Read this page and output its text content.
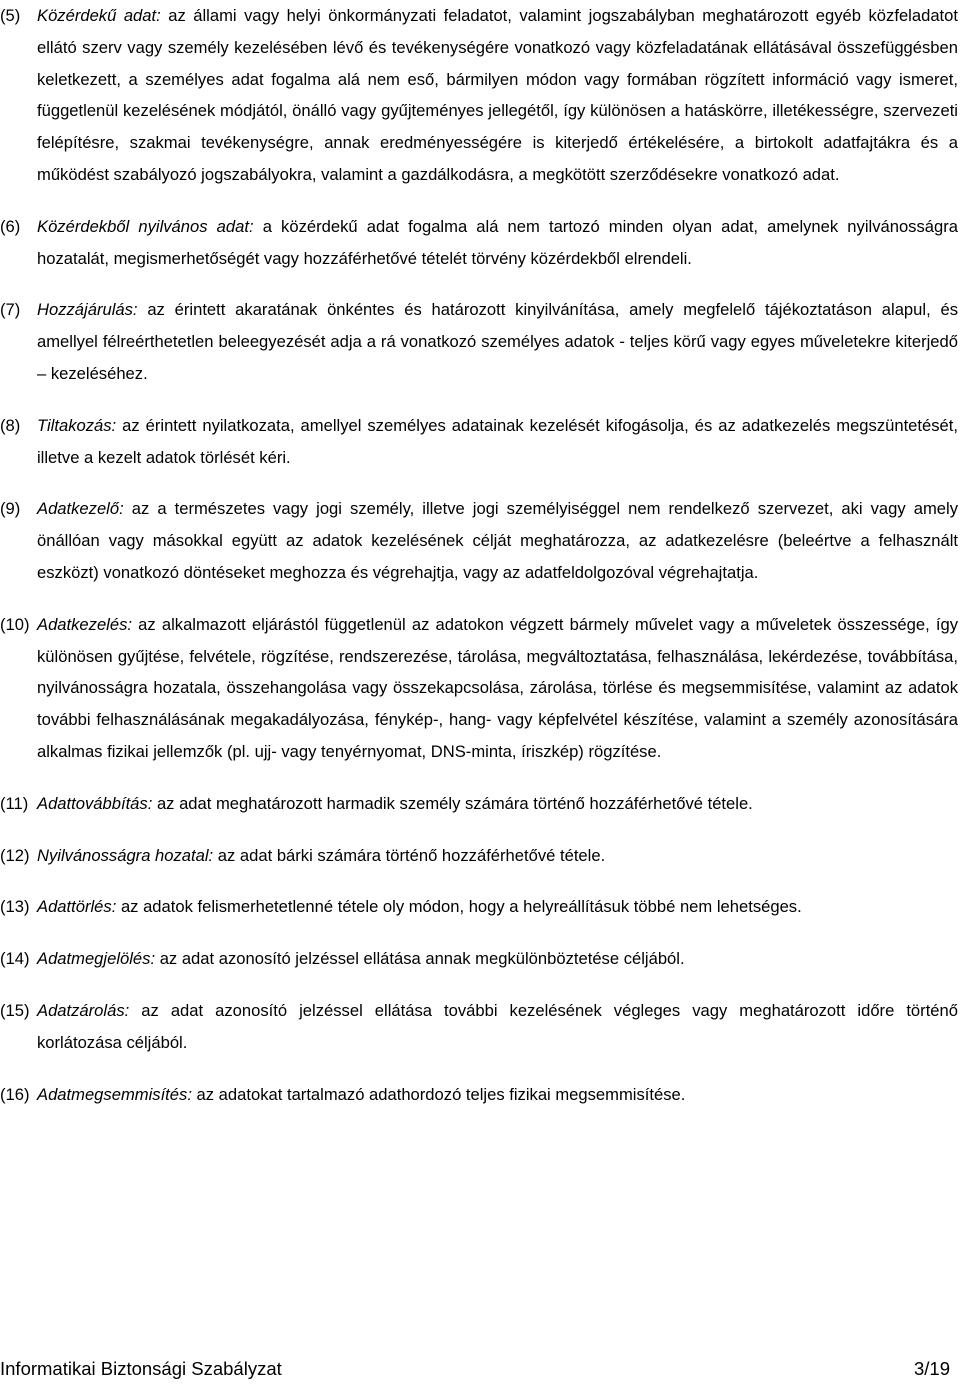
(5) Közérdekű adat: az állami vagy helyi önkormányzati feladatot, valamint jogszabályban meghatározott egyéb közfeladatot ellátó szerv vagy személy kezelésében lévő és tevékenységére vonatkozó vagy közfeladatának ellátásával összefüggésben keletkezett, a személyes adat fogalma alá nem eső, bármilyen módon vagy formában rögzített információ vagy ismeret, függetlenül kezelésének módjától, önálló vagy gyűjteményes jellegétől, így különösen a hatáskörre, illetékességre, szervezeti felépítésre, szakmai tevékenységre, annak eredményességére is kiterjedő értékelésére, a birtokolt adatfajtákra és a működést szabályozó jogszabályokra, valamint a gazdálkodásra, a megkötött szerződésekre vonatkozó adat.

(6) Közérdekből nyilvános adat: a közérdekű adat fogalma alá nem tartozó minden olyan adat, amelynek nyilvánosságra hozatalát, megismerhetőségét vagy hozzáférhetővé tételét törvény közérdekből elrendeli.

(7) Hozzájárulás: az érintett akaratának önkéntes és határozott kinyilvánítása, amely megfelelő tájékoztatáson alapul, és amellyel félreérthetetlen beleegyezését adja a rá vonatkozó személyes adatok - teljes körű vagy egyes műveletekre kiterjedő – kezeléséhez.

(8) Tiltakozás: az érintett nyilatkozata, amellyel személyes adatainak kezelését kifogásolja, és az adatkezelés megszüntetését, illetve a kezelt adatok törlését kéri.

(9) Adatkezelő: az a természetes vagy jogi személy, illetve jogi személyiséggel nem rendelkező szervezet, aki vagy amely önállóan vagy másokkal együtt az adatok kezelésének célját meghatározza, az adatkezelésre (beleértve a felhasznált eszközt) vonatkozó döntéseket meghozza és végrehajtja, vagy az adatfeldolgozóval végrehajtatja.

(10) Adatkezelés: az alkalmazott eljárástól függetlenül az adatokon végzett bármely művelet vagy a műveletek összessége, így különösen gyűjtése, felvétele, rögzítése, rendszerezése, tárolása, megváltoztatása, felhasználása, lekérdezése, továbbítása, nyilvánosságra hozatala, összehangolása vagy összekapcsolása, zárolása, törlése és megsemmisítése, valamint az adatok további felhasználásának megakadályozása, fénykép-, hang- vagy képfelvétel készítése, valamint a személy azonosítására alkalmas fizikai jellemzők (pl. ujj- vagy tenyérnyomat, DNS-minta, íriszkép) rögzítése.

(11) Adattovábbítás: az adat meghatározott harmadik személy számára történő hozzáférhetővé tétele.

(12) Nyilvánosságra hozatal: az adat bárki számára történő hozzáférhetővé tétele.

(13) Adattörlés: az adatok felismerhetetlenné tétele oly módon, hogy a helyreállításuk többé nem lehetséges.

(14) Adatmegjelölés: az adat azonosító jelzéssel ellátása annak megkülönböztetése céljából.

(15) Adatzárolás: az adat azonosító jelzéssel ellátása további kezelésének végleges vagy meghatározott időre történő korlátozása céljából.

(16) Adatmegsemmisítés: az adatokat tartalmazó adathordozó teljes fizikai megsemmisítése.

Informatikai Biztonsági Szabályzat	3/19
